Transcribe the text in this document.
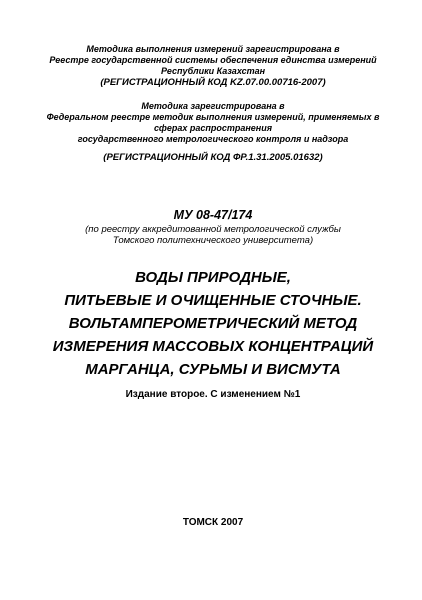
Методика выполнения измерений зарегистрирована в
Реестре государственной системы обеспечения единства измерений
Республики Казахстан
(РЕГИСТРАЦИОННЫЙ КОД KZ.07.00.00716-2007)
Методика зарегистрирована в
Федеральном реестре методик выполнения измерений, применяемых в
сферах распространения
государственного метрологического контроля и надзора
(РЕГИСТРАЦИОННЫЙ КОД ФР.1.31.2005.01632)
МУ 08-47/174
(по реестру аккредитованной метрологической службы
Томского политехнического университета)
ВОДЫ ПРИРОДНЫЕ,
ПИТЬЕВЫЕ И ОЧИЩЕННЫЕ СТОЧНЫЕ.
ВОЛЬТАМПЕРОМЕТРИЧЕСКИЙ МЕТОД
ИЗМЕРЕНИЯ МАССОВЫХ КОНЦЕНТРАЦИЙ
МАРГАНЦА, СУРЬМЫ И ВИСМУТА
Издание второе. С изменением №1
ТОМСК 2007
